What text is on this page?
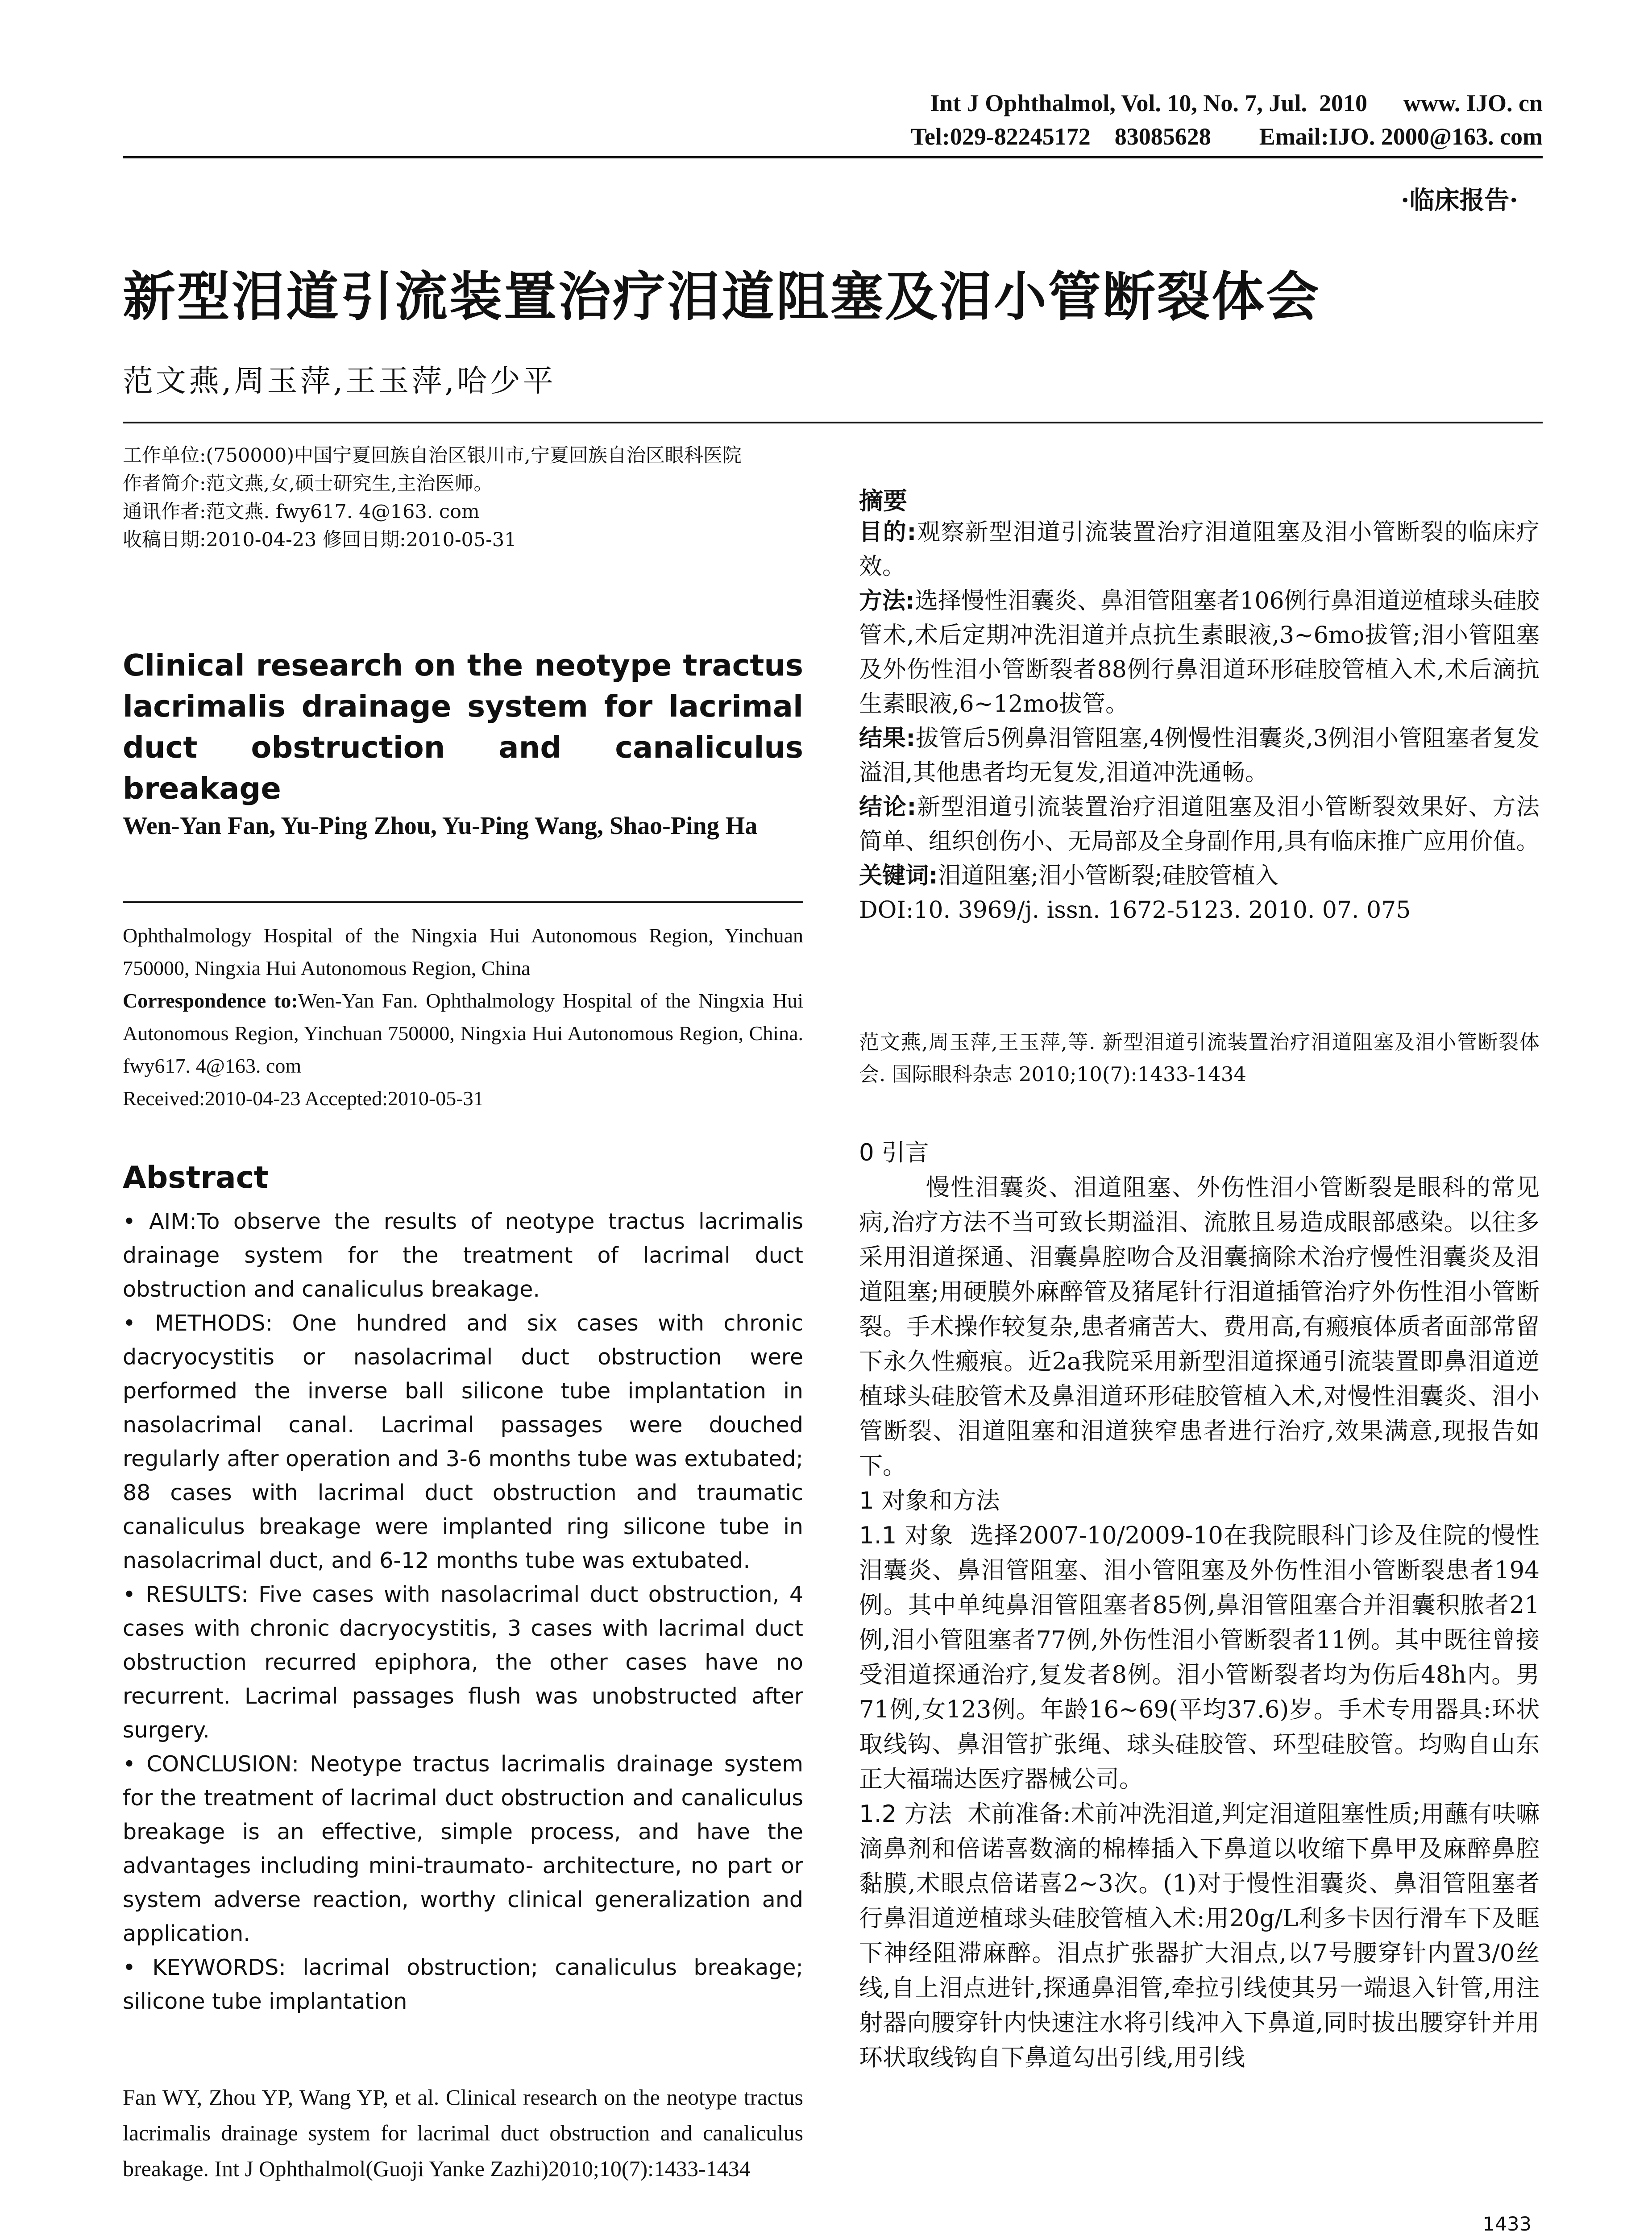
Int J Ophthalmol, Vol. 10, No. 7, Jul.  2010      www. IJO. cn
Tel:029-82245172    83085628        Email:IJO. 2000@163. com
·临床报告·
新型泪道引流装置治疗泪道阻塞及泪小管断裂体会
范文燕,周玉萍,王玉萍,哈少平

工作单位:(750000)中国宁夏回族自治区银川市,宁夏回族自治区眼科医院

作者简介:范文燕,女,硕士研究生,主治医师。

通讯作者:范文燕. fwy617. 4@163. com

收稿日期:2010-04-23 修回日期:2010-05-31

Clinical research on the neotype tractus
lacrimalis drainage system for lacrimal
duct obstruction and canaliculus breakage
Wen-Yan Fan, Yu-Ping Zhou, Yu-Ping Wang, Shao-Ping Ha

Ophthalmology Hospital of the Ningxia Hui Autonomous Region, Yinchuan 750000, Ningxia Hui Autonomous Region, China

Correspondence to:Wen-Yan Fan. Ophthalmology Hospital of the Ningxia Hui Autonomous Region, Yinchuan 750000, Ningxia Hui Autonomous Region, China. fwy617. 4@163. com

Received:2010-04-23 Accepted:2010-05-31

Abstract

• AIM:To observe the results of neotype tractus lacrimalis drainage system for the treatment of lacrimal duct obstruction and canaliculus breakage.

• METHODS: One hundred and six cases with chronic dacryocystitis or nasolacrimal duct obstruction were performed the inverse ball silicone tube implantation in nasolacrimal canal. Lacrimal passages were douched regularly after operation and 3-6 months tube was extubated; 88 cases with lacrimal duct obstruction and traumatic canaliculus breakage were implanted ring silicone tube in nasolacrimal duct, and 6-12 months tube was extubated.

• RESULTS: Five cases with nasolacrimal duct obstruction, 4 cases with chronic dacryocystitis, 3 cases with lacrimal duct obstruction recurred epiphora, the other cases have no recurrent. Lacrimal passages flush was unobstructed after surgery.

• CONCLUSION: Neotype tractus lacrimalis drainage system for the treatment of lacrimal duct obstruction and canaliculus breakage is an effective, simple process, and have the advantages including mini-traumato- architecture, no part or system adverse reaction, worthy clinical generalization and application.

• KEYWORDS: lacrimal obstruction; canaliculus breakage; silicone tube implantation

Fan WY, Zhou YP, Wang YP, et al. Clinical research on the neotype tractus lacrimalis drainage system for lacrimal duct obstruction and canaliculus breakage. Int J Ophthalmol(Guoji Yanke Zazhi)2010;10(7):1433-1434
摘要

目的:观察新型泪道引流装置治疗泪道阻塞及泪小管断裂的临床疗效。

方法:选择慢性泪囊炎、鼻泪管阻塞者106例行鼻泪道逆植球头硅胶管术,术后定期冲洗泪道并点抗生素眼液,3~6mo拔管;泪小管阻塞及外伤性泪小管断裂者88例行鼻泪道环形硅胶管植入术,术后滴抗生素眼液,6~12mo拔管。

结果:拔管后5例鼻泪管阻塞,4例慢性泪囊炎,3例泪小管阻塞者复发溢泪,其他患者均无复发,泪道冲洗通畅。

结论:新型泪道引流装置治疗泪道阻塞及泪小管断裂效果好、方法简单、组织创伤小、无局部及全身副作用,具有临床推广应用价值。

关键词:泪道阻塞;泪小管断裂;硅胶管植入

DOI:10. 3969/j. issn. 1672-5123. 2010. 07. 075

范文燕,周玉萍,王玉萍,等. 新型泪道引流装置治疗泪道阻塞及泪小管断裂体会. 国际眼科杂志 2010;10(7):1433-1434

0 引言

慢性泪囊炎、泪道阻塞、外伤性泪小管断裂是眼科的常见病,治疗方法不当可致长期溢泪、流脓且易造成眼部感染。以往多采用泪道探通、泪囊鼻腔吻合及泪囊摘除术治疗慢性泪囊炎及泪道阻塞;用硬膜外麻醉管及猪尾针行泪道插管治疗外伤性泪小管断裂。手术操作较复杂,患者痛苦大、费用高,有瘢痕体质者面部常留下永久性瘢痕。近2a我院采用新型泪道探通引流装置即鼻泪道逆植球头硅胶管术及鼻泪道环形硅胶管植入术,对慢性泪囊炎、泪小管断裂、泪道阻塞和泪道狭窄患者进行治疗,效果满意,现报告如下。

1 对象和方法

1.1 对象 选择2007-10/2009-10在我院眼科门诊及住院的慢性泪囊炎、鼻泪管阻塞、泪小管阻塞及外伤性泪小管断裂患者194例。其中单纯鼻泪管阻塞者85例,鼻泪管阻塞合并泪囊积脓者21例,泪小管阻塞者77例,外伤性泪小管断裂者11例。其中既往曾接受泪道探通治疗,复发者8例。泪小管断裂者均为伤后48h内。男71例,女123例。年龄16~69(平均37.6)岁。手术专用器具:环状取线钩、鼻泪管扩张绳、球头硅胶管、环型硅胶管。均购自山东正大福瑞达医疗器械公司。

1.2 方法 术前准备:术前冲洗泪道,判定泪道阻塞性质;用蘸有呋嘛滴鼻剂和倍诺喜数滴的棉棒插入下鼻道以收缩下鼻甲及麻醉鼻腔黏膜,术眼点倍诺喜2~3次。(1)对于慢性泪囊炎、鼻泪管阻塞者行鼻泪道逆植球头硅胶管植入术:用20g/L利多卡因行滑车下及眶下神经阻滞麻醉。泪点扩张器扩大泪点,以7号腰穿针内置3/0丝线,自上泪点进针,探通鼻泪管,牵拉引线使其另一端退入针管,用注射器向腰穿针内快速注水将引线冲入下鼻道,同时拔出腰穿针并用环状取线钩自下鼻道勾出引线,用引线

1433
